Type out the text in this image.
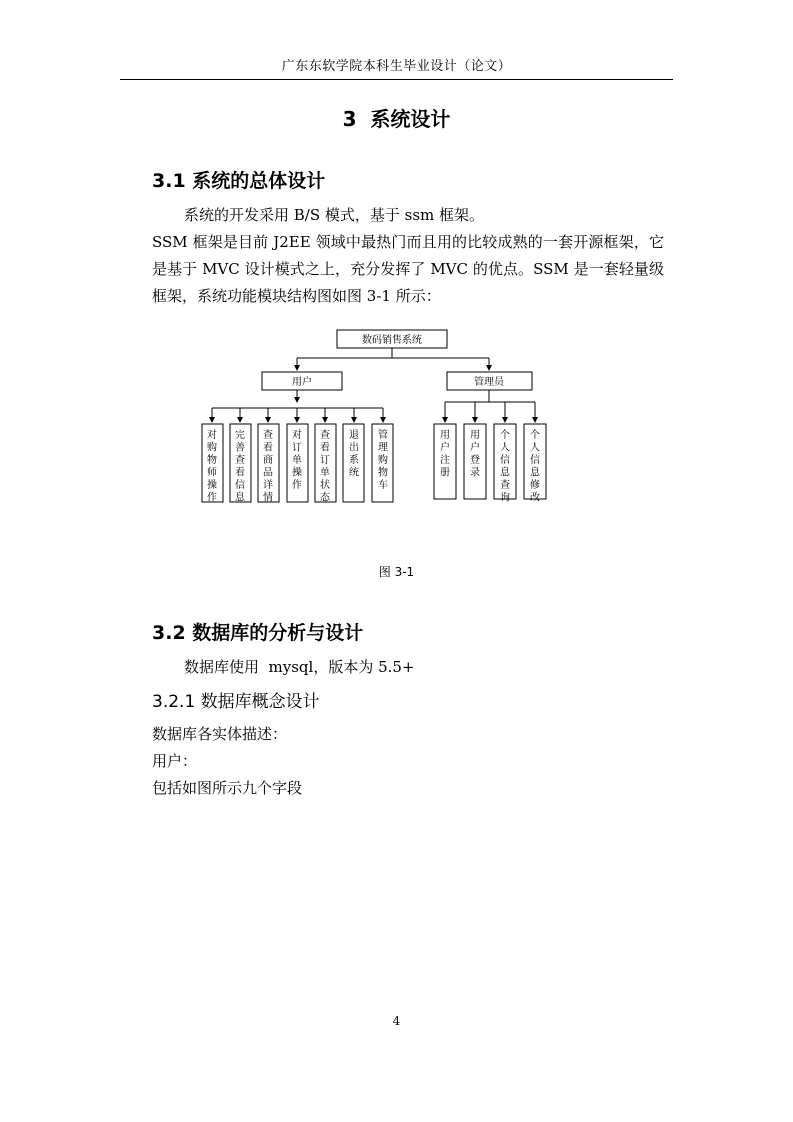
广东东软学院本科生毕业设计（论文）
3  系统设计
3.1 系统的总体设计
系统的开发采用 B/S 模式，基于 ssm 框架。
SSM 框架是目前 J2EE 领域中最热门而且用的比较成熟的一套开源框架，它是基于 MVC 设计模式之上，充分发挥了 MVC 的优点。SSM 是一套轻量级框架，系统功能模块结构图如图 3-1 所示：
数码销售系统
用户	管理员
对购物师操作
完善查看信息
查看商品详情
对订单操作
查看订单状态
退出系统
管理购物车
用户注册
用户登录
个人信息查询
个人信息修改
图 3-1
3.2 数据库的分析与设计
数据库使用  mysql，版本为 5.5+
3.2.1 数据库概念设计
数据库各实体描述：
用户：
包括如图所示九个字段
4
